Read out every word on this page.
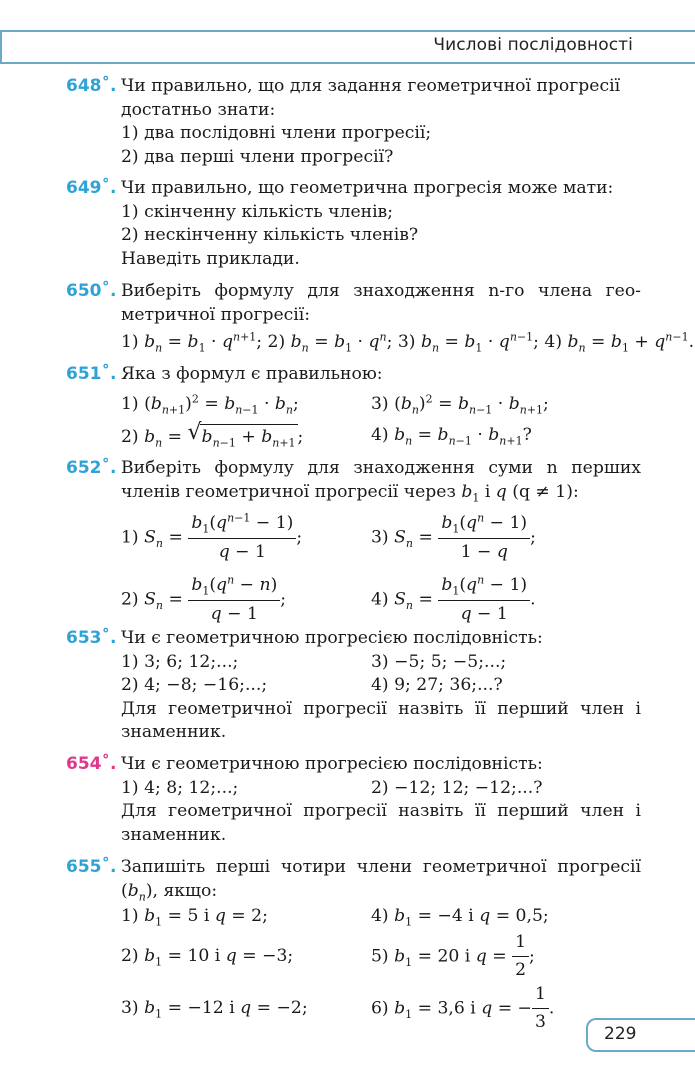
Числові послідовності
648˚. Чи правильно, що для задання геометричної прогресії
достатньо знати:
1) два послідовні члени прогресії;
2) два перші члени прогресії?
649˚. Чи правильно, що геометрична прогресія може мати:
1) скінченну кількість членів;
2) нескінченну кількість членів?
Наведіть приклади.
650˚. Виберіть формулу для знаходження n-го члена гео-
метричної прогресії:
1) $b_n = b_1 \cdot q^{n+1}$; 2) $b_n = b_1 \cdot q^n$; 3) $b_n = b_1 \cdot q^{n-1}$; 4) $b_n = b_1 + q^{n-1}$.
651˚. Яка з формул є правильною:
1) $(b_{n+1})^2 = b_{n-1} \cdot b_n$;	3) $(b_n)^2 = b_{n-1} \cdot b_{n+1}$;
2) $b_n$ = √ $b_{n-1} + b_{n+1}$ ;	4) $b_n = b_{n-1} \cdot b_{n+1}$?
652˚. Виберіть формулу для знаходження суми n перших
членів геометричної прогресії через $b_1$ і q (q ≠ 1):
1) $S_n = \frac{b_1(q^{n-1} - 1)}{q - 1}$ ;	3) $S_n = \frac{b_1(q^n - 1)}{1 - q}$ ;
2) $S_n = \frac{b_1(q^n - n)}{q - 1}$ ;	4) $S_n = \frac{b_1(q^n - 1)}{q - 1}$ .
653˚. Чи є геометричною прогресією послідовність:
1) 3; 6; 12;...;	3) −5; 5; −5;...;
2) 4; −8; −16;...;	4) 9; 27; 36;...?
Для геометричної прогресії назвіть її перший член і
знаменник.
654˚. Чи є геометричною прогресією послідовність:
1) 4; 8; 12;...;	2) −12; 12; −12;...?
Для геометричної прогресії назвіть її перший член і
знаменник.
655˚. Запишіть перші чотири члени геометричної прогресії
$(b_n)$, якщо:
1) $b_1 = 5$ і q = 2;	4) $b_1 = -4$ і q = 0,5;
2) $b_1 = 10$ і q = −3;	5) $b_1 = 20$ і $q = \frac{1}{2}$ ;
3) $b_1 = -12$ і q = −2;	6) $b_1 = 3,6$ і q = − $\frac{1}{3}$ .
229
